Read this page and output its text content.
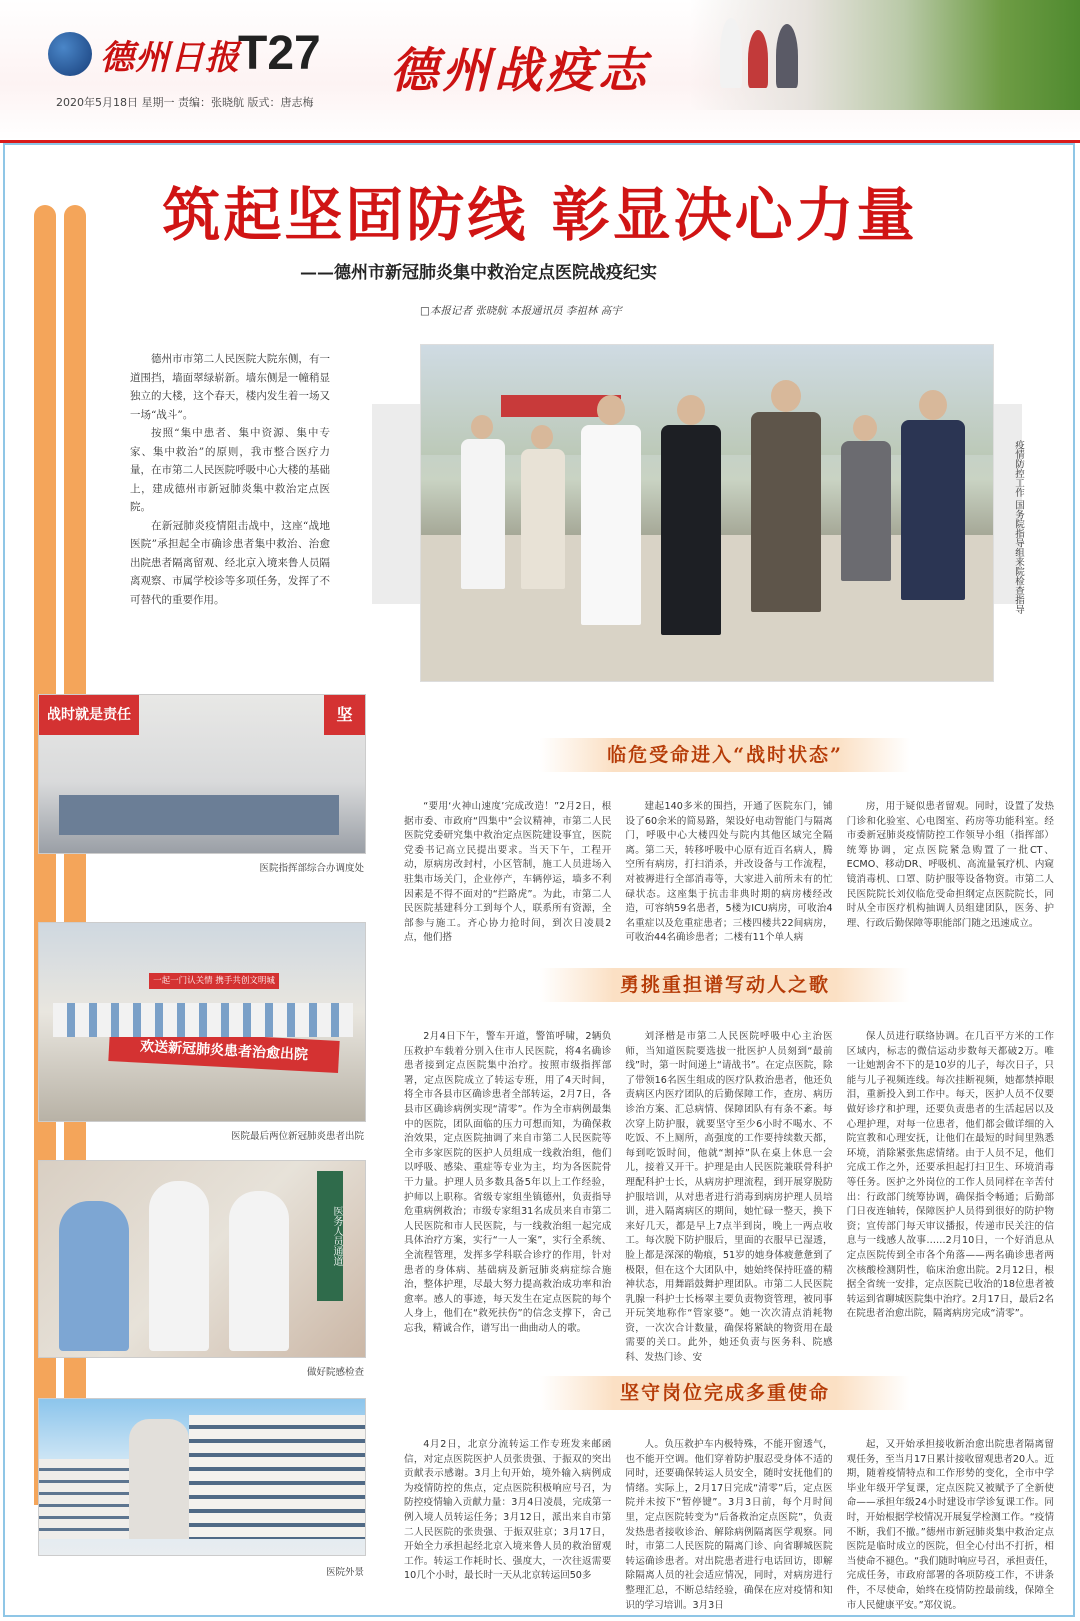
德州日报
T27 德州战疫志
2020年5月18日 星期一 责编：张晓航 版式：唐志梅
筑起坚固防线 彰显决心力量
——德州市新冠肺炎集中救治定点医院战疫纪实
□本报记者 张晓航 本报通讯员 李祖林 高宇

德州市市第二人民医院大院东侧，有一道围挡，墙面翠绿崭新。墙东侧是一幢稍显独立的大楼，这个春天，楼内发生着一场又一场“战斗”。

按照“集中患者、集中资源、集中专家、集中救治”的原则，我市整合医疗力量，在市第二人民医院呼吸中心大楼的基础上，建成德州市新冠肺炎集中救治定点医院。

在新冠肺炎疫情阻击战中，这座“战地医院”承担起全市确诊患者集中救治、治愈出院患者隔离留观、经北京入境来鲁人员隔离观察、市属学校诊等多项任务，发挥了不可替代的重要作用。	疫情防控工作 国务院指导组来院检查指导
战时就是责任	坚
医院指挥部综合办调度处
一起一门认关情 携手共创文明城
欢送新冠肺炎患者治愈出院
医院最后两位新冠肺炎患者出院
医务人员通道
做好院感检查
医院外景
临危受命进入“战时状态”

“要用‘火神山速度’完成改造！”2月2日，根据市委、市政府“四集中”会议精神，市第二人民医院党委研究集中救治定点医院建设事宜，医院党委书记高立民提出要求。当天下午，工程开动，原病房改封村，小区管制，施工人员进场入驻集市场关门，企业停产，车辆停运，墙多不利因素是不得不面对的“拦路虎”。为此，市第二人民医院基建科分工到每个人，联系所有资源，全部参与施工。齐心协力抢时间，到次日凌晨2点，他们搭

建起140多米的围挡，开通了医院东门，铺设了60余米的简易路，架设好电动智能门与隔离门，呼吸中心大楼四处与院内其他区域完全隔离。第二天，转移呼吸中心原有近百名病人，腾空所有病房，打扫消杀，并改设备与工作流程，对被褥进行全部消毒等，大家进入前所未有的忙碌状态。这座集于抗击非典时期的病房楼经改造，可容纳59名患者，5楼为ICU病房，可收治4名重症以及危重症患者；三楼四楼共22间病房，可收治44名确诊患者；二楼有11个单人病

房，用于疑似患者留观。同时，设置了发热门诊和化验室、心电图室、药房等功能科室。经市委新冠肺炎疫情防控工作领导小组（指挥部）统筹协调，定点医院紧急购置了一批CT、ECMO、移动DR、呼吸机、高流量氧疗机、内窥镜消毒机、口罩、防护服等设备物资。市第二人民医院院长刘仪临危受命担纲定点医院院长，同时从全市医疗机构抽调人员组建团队，医务、护理、行政后勤保障等职能部门随之迅速成立。

勇挑重担谱写动人之歌

2月4日下午，警车开道，警笛呼啸，2辆负压救护车载着分别入住市人民医院，将4名确诊患者接到定点医院集中治疗。按照市级指挥部署，定点医院成立了转运专班，用了4天时间，将全市各县市区确诊患者全部转运，2月7日，各县市区确诊病例实现“清零”。作为全市病例最集中的医院，团队面临的压力可想而知，为确保救治效果，定点医院抽调了来自市第二人民医院等全市多家医院的医护人员组成一线救治组，他们以呼吸、感染、重症等专业为主，均为各医院骨干力量。护理人员多数具备5年以上工作经验，护师以上职称。省级专家组坐镇德州，负责指导危重病例救治；市级专家组31名成员来自市第二人民医院和市人民医院，与一线救治组一起完成具体治疗方案，实行“一人一案”，实行全系统、全流程管理，发挥多学科联合诊疗的作用，针对患者的身体病、基础病及新冠肺炎病症综合施治，整体护理，尽最大努力提高救治成功率和治愈率。感人的事迹，每天发生在定点医院的每个人身上，他们在“救死扶伤”的信念支撑下，舍己忘我，精诚合作，谱写出一曲曲动人的歌。

刘泽楷是市第二人民医院呼吸中心主治医师，当知道医院要选拔一批医护人员刻到“最前线”时，第一时间递上“请战书”。在定点医院，除了带领16名医生组成的医疗队救治患者，他还负责病区内医疗团队的后勤保障工作，查房、病历诊治方案、汇总病情、保障团队有有条不紊。每次穿上防护服，就要坚守至少6小时不喝水、不吃饭、不上厕所，高强度的工作要持续数天都，每到吃饭时间，他就“割掉”队在桌上休息一会儿，接着又开干。护理是由人民医院兼联骨科护理配科护士长，从病房护理流程，到开展穿脱防护服培训，从对患者进行消毒到病房护理人员培训，进入隔离病区的期间，她忙碌一整天，换下来好几天，都是早上7点半到岗，晚上一两点收工。每次脱下防护服后，里面的衣服早已湿透，脸上都是深深的勒痕，51岁的她身体疲惫惫到了极限，但在这个大团队中，她始终保持旺盛的精神状态，用舞蹈鼓舞护理团队。市第二人民医院乳腺一科护士长杨翠主要负责物资管理，被同事开玩笑地称作“管家婆”。她一次次清点消耗物资，一次次合计数量，确保将紧缺的物资用在最需要的关口。此外，她还负责与医务科、院感科、发热门诊、安

保人员进行联络协调。在几百平方米的工作区域内，标志的微信运动步数每天都破2万。唯一让她割舍不下的是10岁的儿子，每次日子，只能与儿子视频连线。每次挂断视频，她都禁掉眼泪，重新投入到工作中。每天，医护人员不仅要做好诊疗和护理，还要负责患者的生活起居以及心理护理，对每一位患者，他们都会做详细的入院宣教和心理安抚，让他们在最短的时间里熟悉环境，消除紧张焦虑情绪。由于人员不足，他们完成工作之外，还要承担起打扫卫生、环境消毒等任务。医护之外岗位的工作人员同样在辛苦付出：行政部门统筹协调，确保指令畅通；后勤部门日夜连轴转，保障医护人员得到很好的防护物资；宣传部门每天审议播报，传递市民关注的信息与一线感人故事……2月10日，一个好消息从定点医院传到全市各个角落——两名确诊患者两次核酸检测阴性，临床治愈出院。2月12日，根据全省统一安排，定点医院已收治的18位患者被转运到省聊城医院集中治疗。2月17日，最后2名在院患者治愈出院，隔离病房完成“清零”。

坚守岗位完成多重使命

4月2日，北京分流转运工作专班发来邮函信，对定点医院医护人员张贵强、于振双的突出贡献表示感谢。3月上旬开始，境外输入病例成为疫情防控的焦点，定点医院积极响应号召，为防控疫情输入贡献力量：3月4日凌晨，完成第一例入境人员转运任务；3月12日，派出来自市第二人民医院的张贵强、于振双驻京；3月17日，开始全力承担起经北京入境来鲁人员的救治留观工作。转运工作耗时长、强度大，一次往返需要10几个小时，最长时一天从北京转运回50多

人。负压救护车内极特殊，不能开窗透气，也不能开空调。他们穿着防护服忍受身体不适的同时，还要确保转运人员安全，随时安抚他们的情绪。实际上，2月17日完成“清零”后，定点医院并未按下“暂停键”。3月3日前，每个月时间里，定点医院转变为“后备救治定点医院”，负责发热患者接收诊治、解除病例隔离医学观察。同时，市第二人民医院的隔离门诊、向省聊城医院转运确诊患者。对出院患者进行电话回访，即解除隔离人员的社会适应情况，同时，对病房进行整理汇总，不断总结经验，确保在应对疫情和知识的学习培训。3月3日

起，又开始承担接收新治愈出院患者隔离留观任务，至当月17日累计接收留观患者20人。近期，随着疫情特点和工作形势的变化，全市中学毕业年级开学复课，定点医院又被赋予了全新使命——承担年级24小时建设市学诊复课工作。同时，开始根据学校情况开展复学检测工作。“疫情不断，我们不撤。”德州市新冠肺炎集中救治定点医院是临时成立的医院，但全心付出不打折，相当使命不褪色。“我们随时响应号召，承担责任，完成任务，市政府部署的各项防疫工作，不讲条件，不尽使命，始终在疫情防控最前线，保障全市人民健康平安。”郑仪说。
